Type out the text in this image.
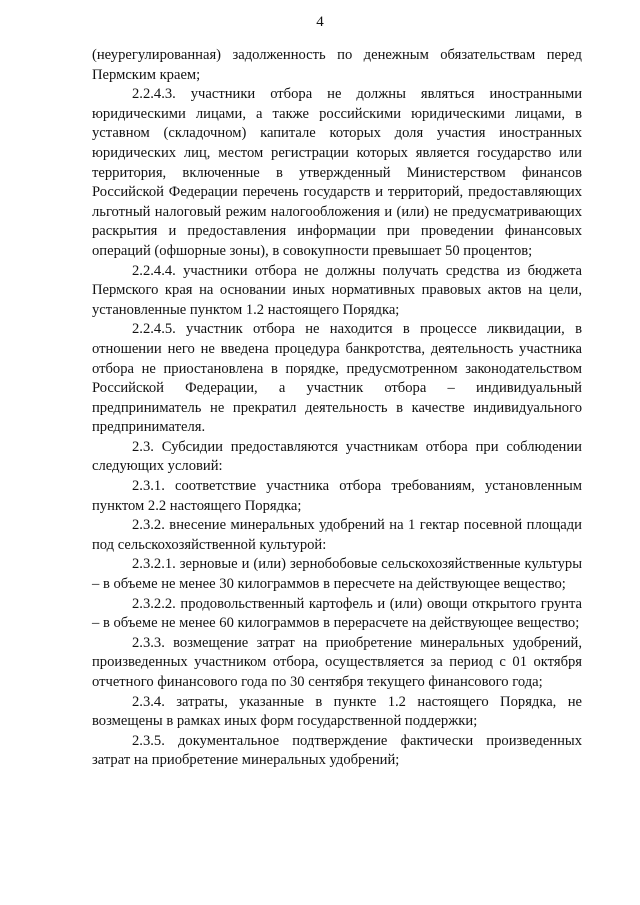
4

(неурегулированная) задолженность по денежным обязательствам перед Пермским краем;

2.2.4.3. участники отбора не должны являться иностранными юридическими лицами, а также российскими юридическими лицами, в уставном (складочном) капитале которых доля участия иностранных юридических лиц, местом регистрации которых является государство или территория, включенные в утвержденный Министерством финансов Российской Федерации перечень государств и территорий, предоставляющих льготный налоговый режим налогообложения и (или) не предусматривающих раскрытия и предоставления информации при проведении финансовых операций (офшорные зоны), в совокупности превышает 50 процентов;

2.2.4.4. участники отбора не должны получать средства из бюджета Пермского края на основании иных нормативных правовых актов на цели, установленные пунктом 1.2 настоящего Порядка;

2.2.4.5. участник отбора не находится в процессе ликвидации, в отношении него не введена процедура банкротства, деятельность участника отбора не приостановлена в порядке, предусмотренном законодательством Российской Федерации, а участник отбора – индивидуальный предприниматель не прекратил деятельность в качестве индивидуального предпринимателя.

2.3. Субсидии предоставляются участникам отбора при соблюдении следующих условий:

2.3.1. соответствие участника отбора требованиям, установленным пунктом 2.2 настоящего Порядка;

2.3.2. внесение минеральных удобрений на 1 гектар посевной площади под сельскохозяйственной культурой:

2.3.2.1. зерновые и (или) зернобобовые сельскохозяйственные культуры – в объеме не менее 30 килограммов в пересчете на действующее вещество;

2.3.2.2. продовольственный картофель и (или) овощи открытого грунта – в объеме не менее 60 килограммов в перерасчете на действующее вещество;

2.3.3. возмещение затрат на приобретение минеральных удобрений, произведенных участником отбора, осуществляется за период с 01 октября отчетного финансового года по 30 сентября текущего финансового года;

2.3.4. затраты, указанные в пункте 1.2 настоящего Порядка, не возмещены в рамках иных форм государственной поддержки;

2.3.5. документальное подтверждение фактически произведенных затрат на приобретение минеральных удобрений;
